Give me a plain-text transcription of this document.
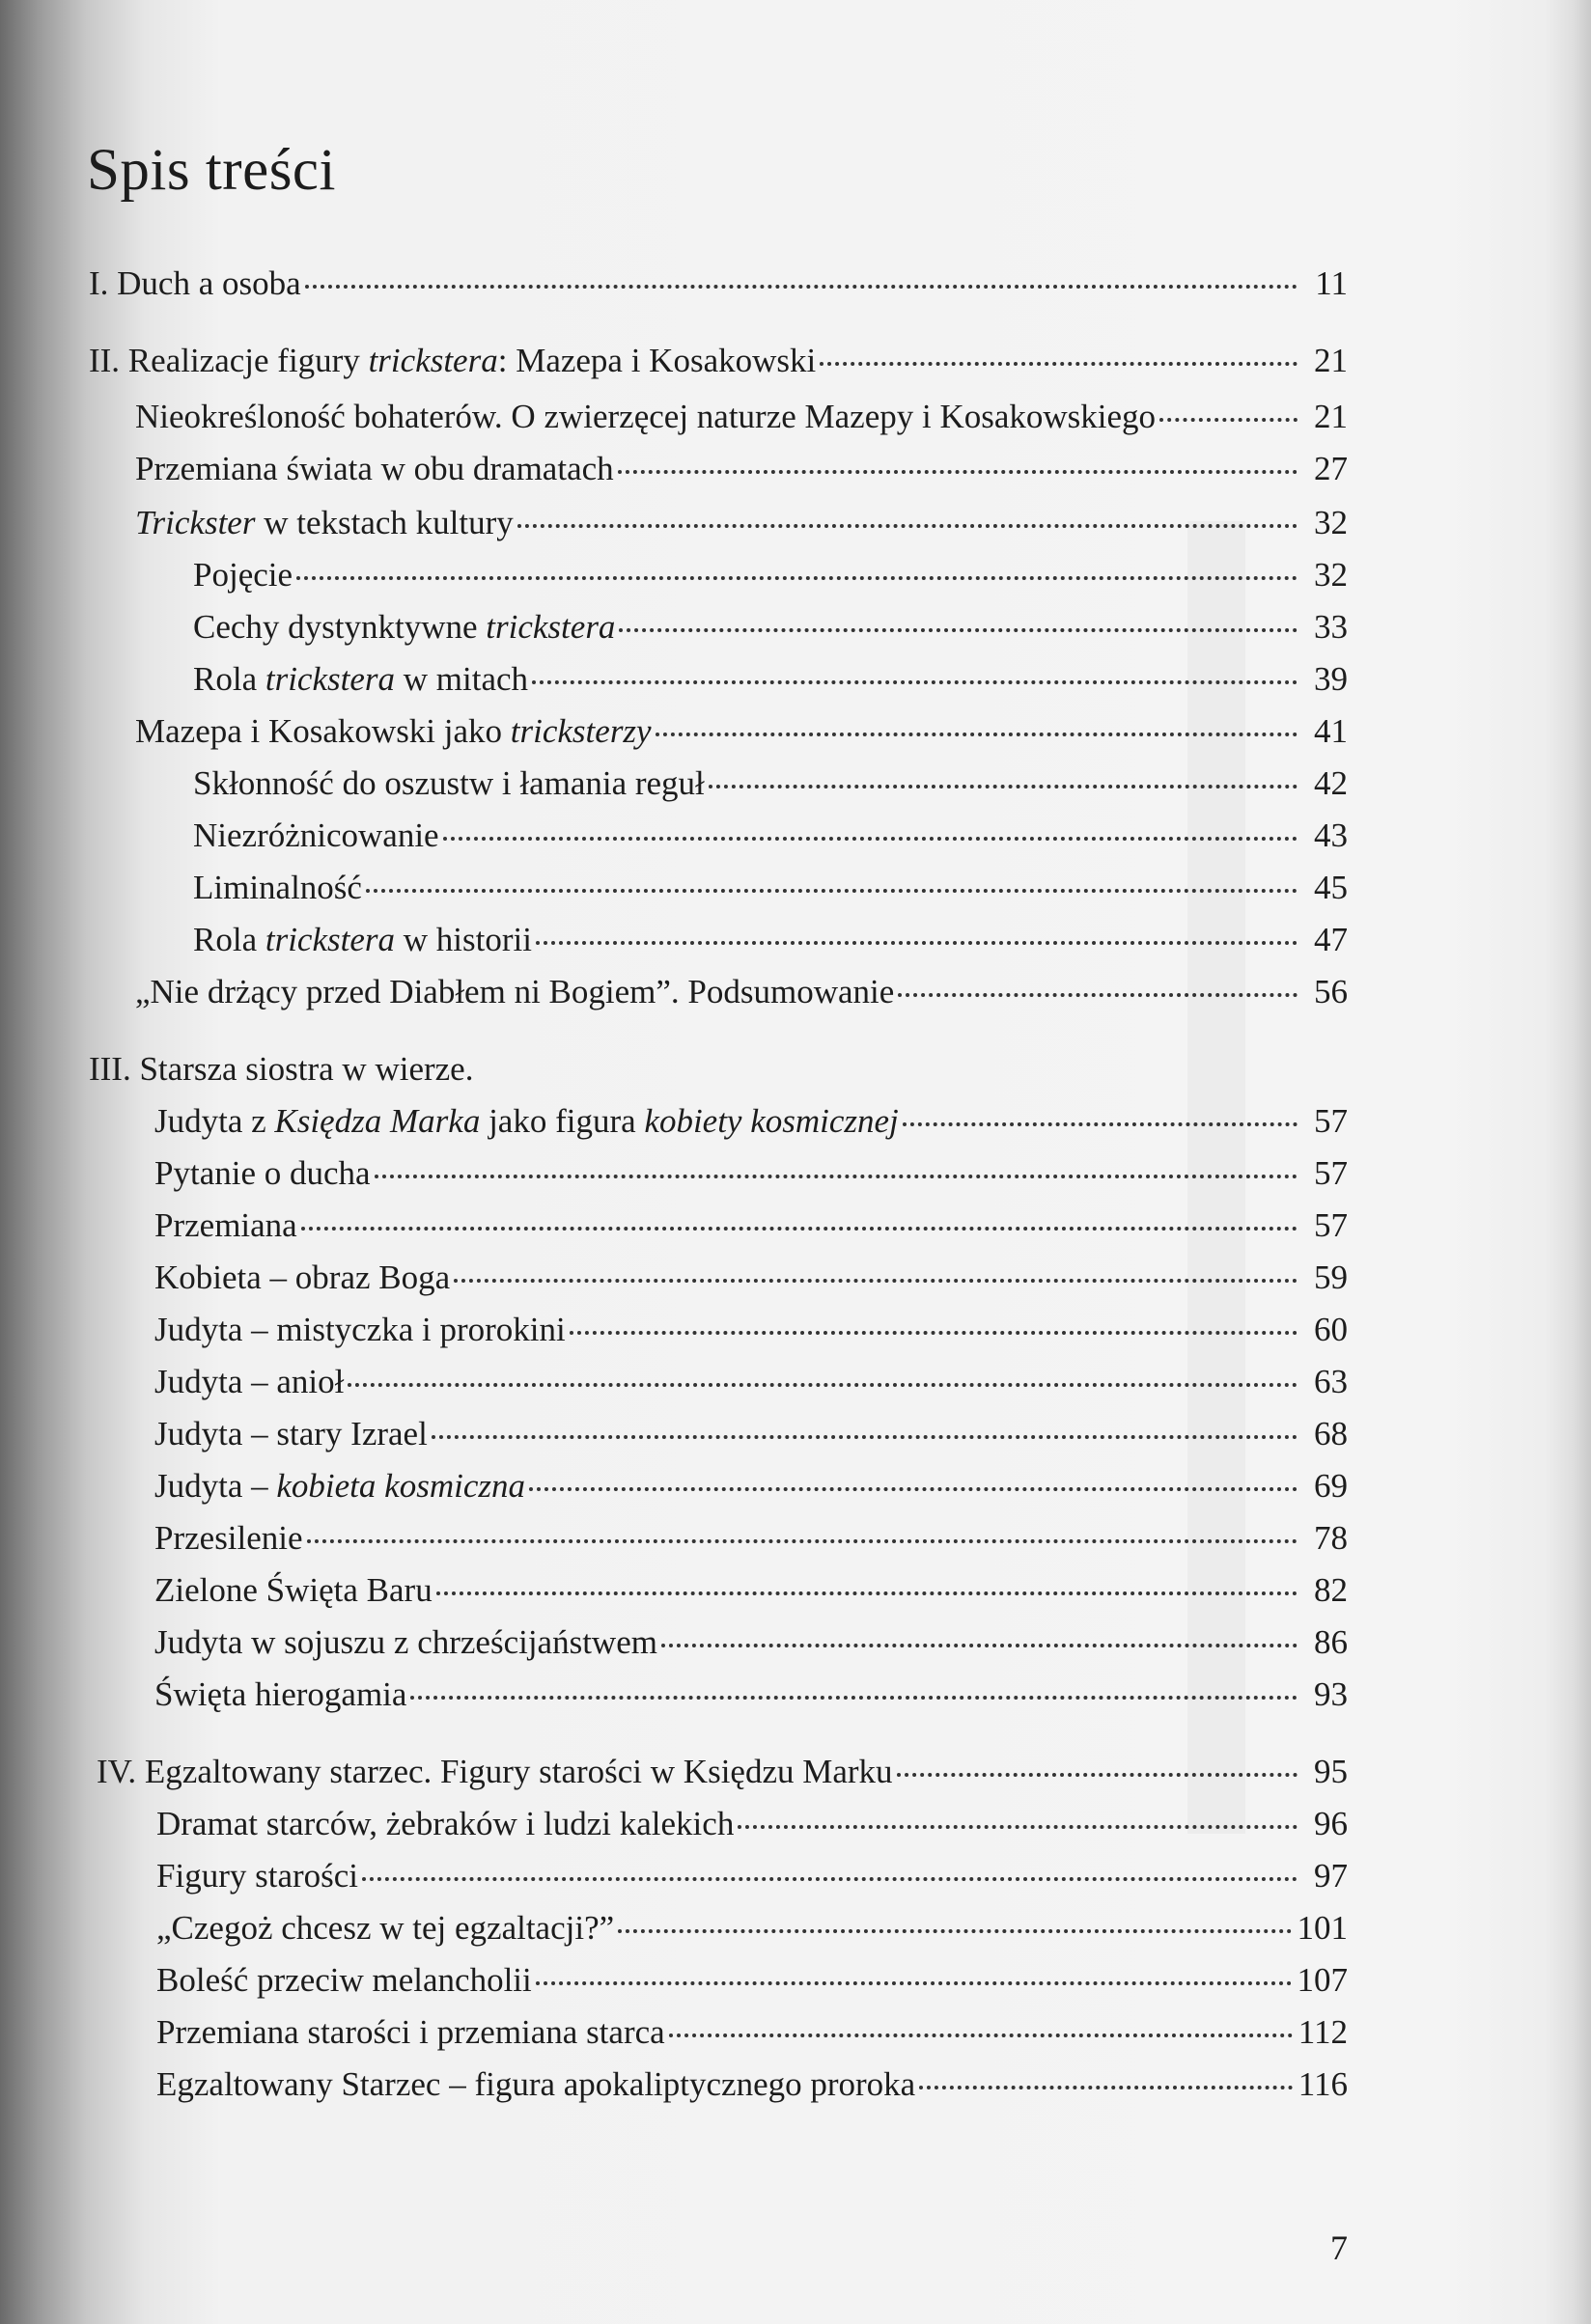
Spis treści
I. Duch a osoba	11
II. Realizacje figury trickstera: Mazepa i Kosakowski	21
Nieokreśloność bohaterów. O zwierzęcej naturze Mazepy i Kosakowskiego	21
Przemiana świata w obu dramatach	27
Trickster w tekstach kultury	32
Pojęcie	32
Cechy dystynktywne trickstera	33
Rola trickstera w mitach	39
Mazepa i Kosakowski jako tricksterzy	41
Skłonność do oszustw i łamania reguł	42
Niezróżnicowanie	43
Liminalność	45
Rola trickstera w historii	47
„Nie drżący przed Diabłem ni Bogiem”. Podsumowanie	56
III. Starsza siostra w wierze.
Judyta z Księdza Marka jako figura kobiety kosmicznej	57
Pytanie o ducha	57
Przemiana	57
Kobieta – obraz Boga	59
Judyta – mistyczka i prorokini	60
Judyta – anioł	63
Judyta – stary Izrael	68
Judyta – kobieta kosmiczna	69
Przesilenie	78
Zielone Święta Baru	82
Judyta w sojuszu z chrześcijaństwem	86
Święta hierogamia	93
IV. Egzaltowany starzec. Figury starości w Księdzu Marku	95
Dramat starców, żebraków i ludzi kalekich	96
Figury starości	97
„Czegoż chcesz w tej egzaltacji?”	101
Boleść przeciw melancholii	107
Przemiana starości i przemiana starca	112
Egzaltowany Starzec – figura apokaliptycznego proroka	116
7
